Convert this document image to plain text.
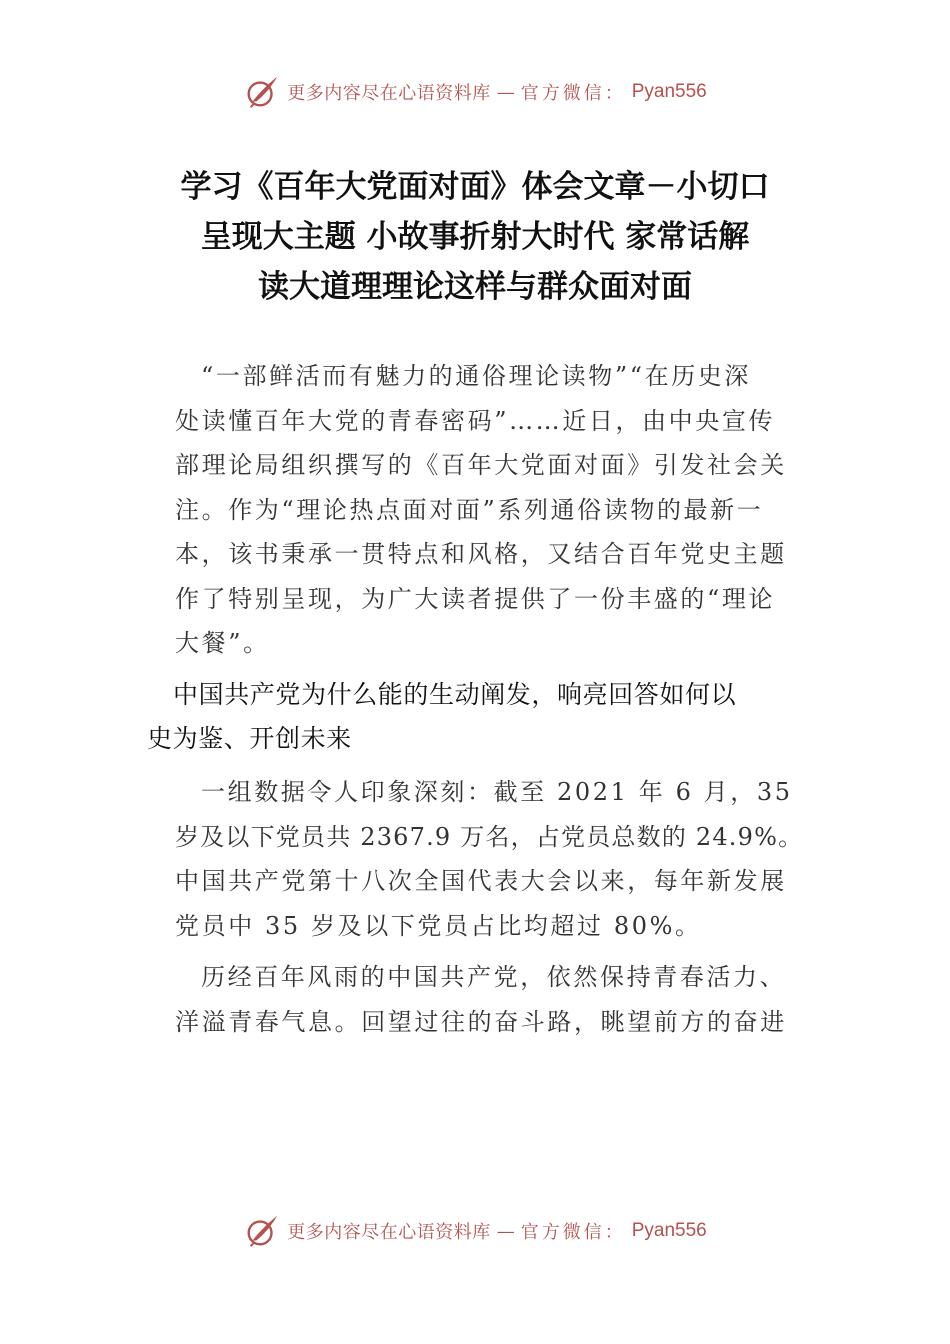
更多内容尽在心语资料库 — 官方微信： Pyan556
学习《百年大党面对面》体会文章－小切口
呈现大主题 小故事折射大时代 家常话解
读大道理理论这样与群众面对面
“一部鲜活而有魅力的通俗理论读物”“在历史深
处读懂百年大党的青春密码”……近日，由中央宣传
部理论局组织撰写的《百年大党面对面》引发社会关
注。作为“理论热点面对面”系列通俗读物的最新一
本，该书秉承一贯特点和风格，又结合百年党史主题
作了特别呈现，为广大读者提供了一份丰盛的“理论
大餐”。
中国共产党为什么能的生动阐发，响亮回答如何以
史为鉴、开创未来
一组数据令人印象深刻：截至 2021 年 6 月，35
岁及以下党员共 2367.9 万名，占党员总数的 24.9%。
中国共产党第十八次全国代表大会以来，每年新发展
党员中 35 岁及以下党员占比均超过 80%。
历经百年风雨的中国共产党，依然保持青春活力、
洋溢青春气息。回望过往的奋斗路，眺望前方的奋进
更多内容尽在心语资料库 — 官方微信： Pyan556
